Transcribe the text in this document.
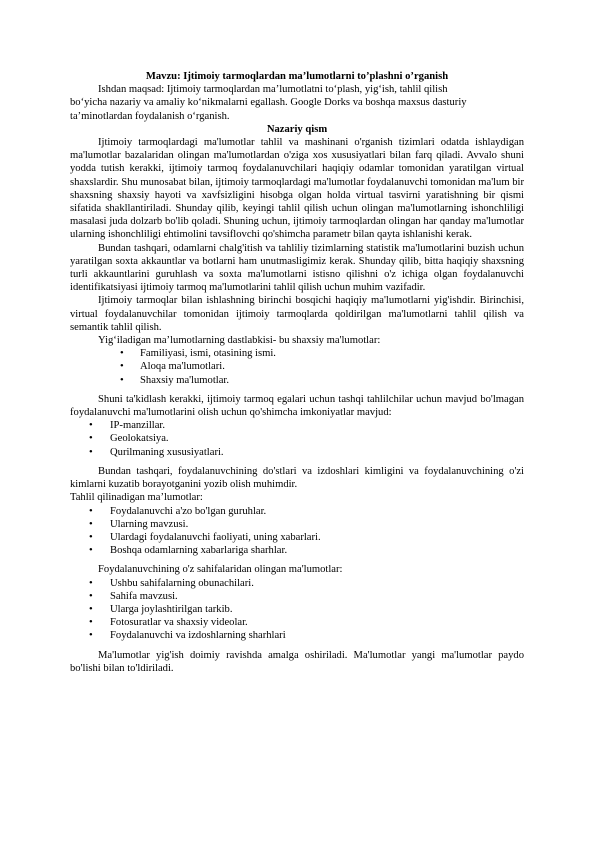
Mavzu: Ijtimoiy tarmoqlardan ma’lumotlarni to’plashni o’rganish

Ishdan maqsad: Ijtimoiy tarmoqlardan ma’lumotlatni to‘plash, yig‘ish, tahlil qilish

bo‘yicha nazariy va amaliy ko‘nikmalarni egallash. Google Dorks va boshqa maxsus dasturiy

ta’minotlardan foydalanish o‘rganish.

Nazariy qism

Ijtimoiy tarmoqlardagi ma'lumotlar tahlil va mashinani o'rganish tizimlari odatda ishlaydigan ma'lumotlar bazalaridan olingan ma'lumotlardan o'ziga xos xususiyatlari bilan farq qiladi. Avvalo shuni yodda tutish kerakki, ijtimoiy tarmoq foydalanuvchilari haqiqiy odamlar tomonidan yaratilgan virtual shaxslardir. Shu munosabat bilan, ijtimoiy tarmoqlardagi ma'lumotlar foydalanuvchi tomonidan ma'lum bir shaxsning shaxsiy hayoti va xavfsizligini hisobga olgan holda virtual tasvirni yaratishning bir qismi sifatida shakllantiriladi. Shunday qilib, keyingi tahlil qilish uchun olingan ma'lumotlarning ishonchliligi masalasi juda dolzarb bo'lib qoladi. Shuning uchun, ijtimoiy tarmoqlardan olingan har qanday ma'lumotlar ularning ishonchliligi ehtimolini tavsiflovchi qo'shimcha parametr bilan qayta ishlanishi kerak.

Bundan tashqari, odamlarni chalg'itish va tahliliy tizimlarning statistik ma'lumotlarini buzish uchun yaratilgan soxta akkauntlar va botlarni ham unutmasligimiz kerak. Shunday qilib, bitta haqiqiy shaxsning turli akkauntlarini guruhlash va soxta ma'lumotlarni istisno qilishni o'z ichiga olgan foydalanuvchi identifikatsiyasi ijtimoiy tarmoq ma'lumotlarini tahlil qilish uchun muhim vazifadir.

Ijtimoiy tarmoqlar bilan ishlashning birinchi bosqichi haqiqiy ma'lumotlarni yig'ishdir. Birinchisi, virtual foydalanuvchilar tomonidan ijtimoiy tarmoqlarda qoldirilgan ma'lumotlarni tahlil qilish va semantik tahlil qilish.

Yig‘iladigan ma’lumotlarning dastlabkisi- bu shaxsiy ma'lumotlar:

• Familiyasi, ismi, otasining ismi.
• Aloqa ma'lumotlari.
• Shaxsiy ma'lumotlar.

Shuni ta'kidlash kerakki, ijtimoiy tarmoq egalari uchun tashqi tahlilchilar uchun mavjud bo'lmagan foydalanuvchi ma'lumotlarini olish uchun qo'shimcha imkoniyatlar mavjud:

• IP-manzillar.
• Geolokatsiya.
• Qurilmaning xususiyatlari.

Bundan tashqari, foydalanuvchining do'stlari va izdoshlari kimligini va foydalanuvchining o'zi kimlarni kuzatib borayotganini yozib olish muhimdir.

Tahlil qilinadigan ma’lumotlar:

• Foydalanuvchi a'zo bo'lgan guruhlar.
• Ularning mavzusi.
• Ulardagi foydalanuvchi faoliyati, uning xabarlari.
• Boshqa odamlarning xabarlariga sharhlar.

Foydalanuvchining o'z sahifalaridan olingan ma'lumotlar:

• Ushbu sahifalarning obunachilari.
• Sahifa mavzusi.
• Ularga joylashtirilgan tarkib.
• Fotosuratlar va shaxsiy videolar.
• Foydalanuvchi va izdoshlarning sharhlari

Ma'lumotlar yig'ish doimiy ravishda amalga oshiriladi. Ma'lumotlar yangi ma'lumotlar paydo bo'lishi bilan to'ldiriladi.
